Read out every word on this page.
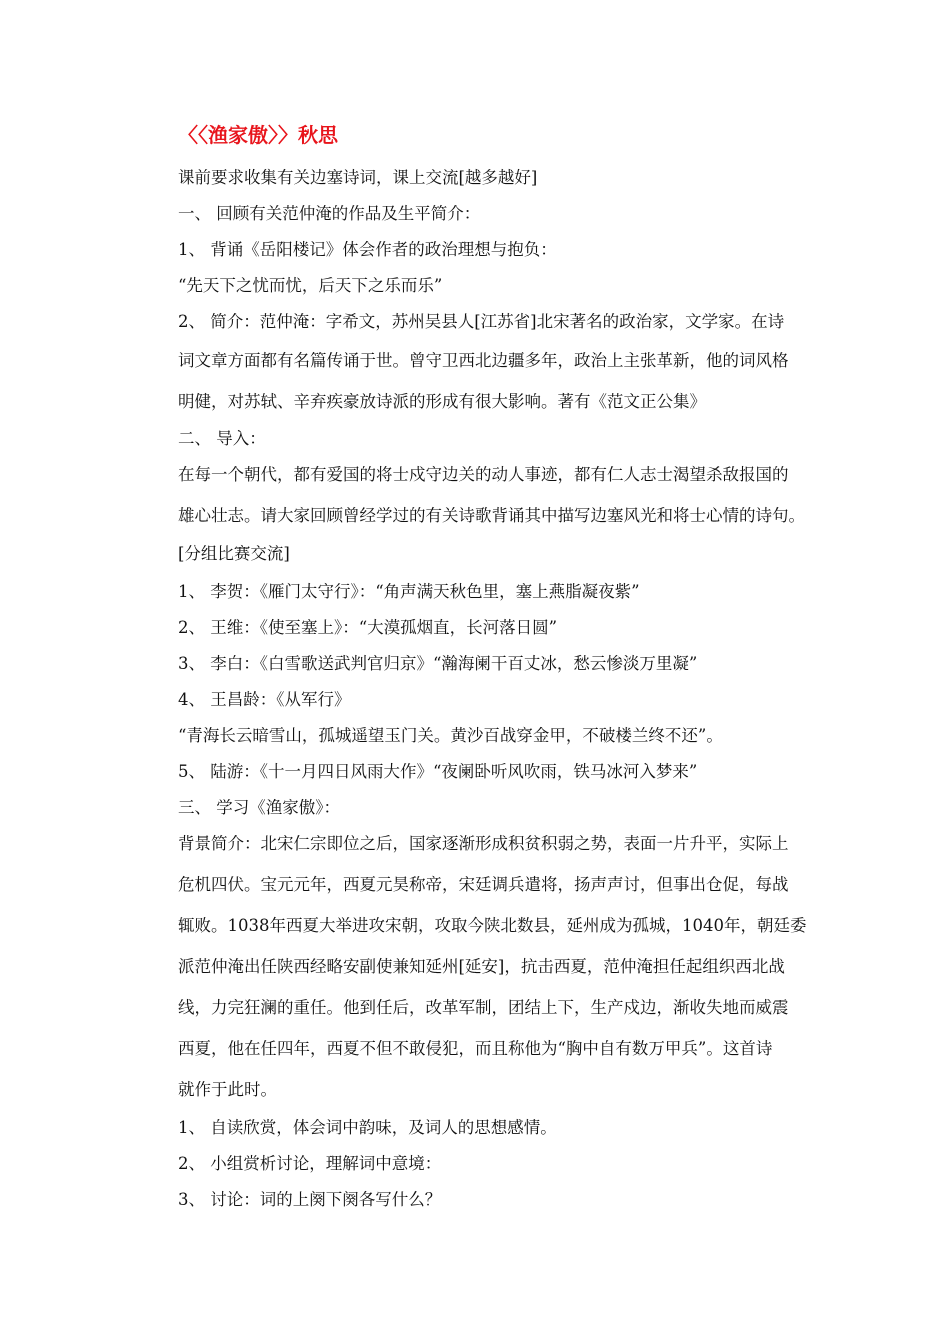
〈〈渔家傲〉〉秋思
课前要求收集有关边塞诗词，课上交流[越多越好]
一、 回顾有关范仲淹的作品及生平简介：
1、 背诵《岳阳楼记》体会作者的政治理想与抱负：
“先天下之忧而忧，后天下之乐而乐”
2、 简介：范仲淹：字希文，苏州吴县人[江苏省]北宋著名的政治家，文学家。在诗
词文章方面都有名篇传诵于世。曾守卫西北边疆多年，政治上主张革新，他的词风格
明健，对苏轼、辛弃疾豪放诗派的形成有很大影响。著有《范文正公集》
二、 导入：
在每一个朝代，都有爱国的将士戍守边关的动人事迹，都有仁人志士渴望杀敌报国的
雄心壮志。请大家回顾曾经学过的有关诗歌背诵其中描写边塞风光和将士心情的诗句。
[分组比赛交流]
1、 李贺：《雁门太守行》：“角声满天秋色里，塞上燕脂凝夜紫”
2、 王维：《使至塞上》：“大漠孤烟直，长河落日圆”
3、 李白：《白雪歌送武判官归京》“瀚海阑干百丈冰，愁云惨淡万里凝”
4、 王昌龄：《从军行》
“青海长云暗雪山，孤城遥望玉门关。黄沙百战穿金甲，不破楼兰终不还”。
5、 陆游：《十一月四日风雨大作》“夜阑卧听风吹雨，铁马冰河入梦来”
三、 学习《渔家傲》：
背景简介：北宋仁宗即位之后，国家逐渐形成积贫积弱之势，表面一片升平，实际上
危机四伏。宝元元年，西夏元昊称帝，宋廷调兵遣将，扬声声讨，但事出仓促，每战
辄败。1038年西夏大举进攻宋朝，攻取今陕北数县，延州成为孤城，1040年，朝廷委
派范仲淹出任陕西经略安副使兼知延州[延安]，抗击西夏，范仲淹担任起组织西北战
线，力完狂澜的重任。他到任后，改革军制，团结上下，生产戍边，渐收失地而威震
西夏，他在任四年，西夏不但不敢侵犯，而且称他为“胸中自有数万甲兵”。这首诗
就作于此时。
1、 自读欣赏，体会词中韵味，及词人的思想感情。
2、 小组赏析讨论，理解词中意境：
3、 讨论：词的上阕下阕各写什么？
